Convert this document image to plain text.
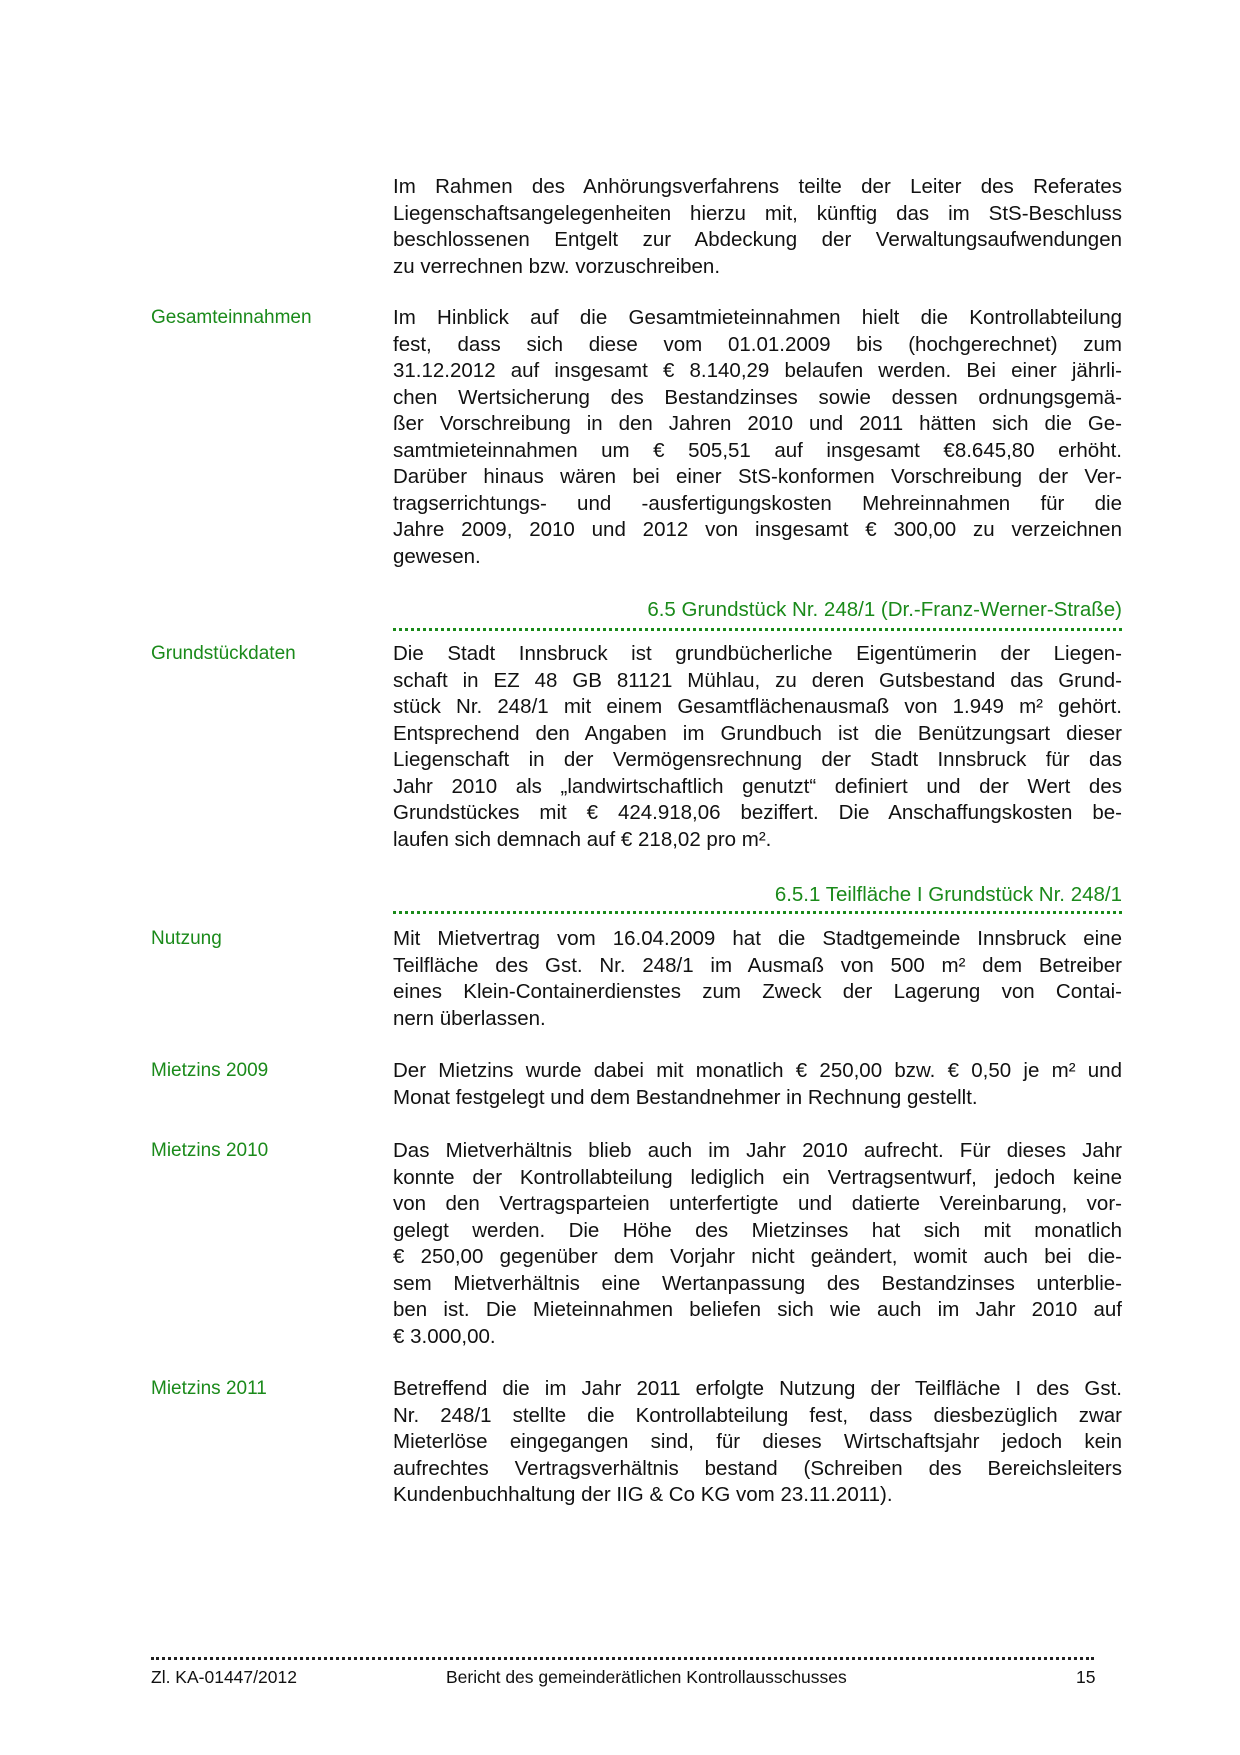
6.5 Grundstück Nr. 248/1 (Dr.-Franz-Werner-Straße)
6.5.1 Teilfläche I Grundstück Nr. 248/1
Zl. KA-01447/2012	Bericht des gemeinderätlichen Kontrollausschusses	15
Im Rahmen des Anhörungsverfahrens teilte der Leiter des Referates
Liegenschaftsangelegenheiten hierzu mit, künftig das im StS-Beschluss
beschlossenen Entgelt zur Abdeckung der Verwaltungsaufwendungen
zu verrechnen bzw. vorzuschreiben.
Gesamteinnahmen	Im Hinblick auf die Gesamtmieteinnahmen hielt die Kontrollabteilung
fest, dass sich diese vom 01.01.2009 bis (hochgerechnet) zum
31.12.2012 auf insgesamt € 8.140,29 belaufen werden. Bei einer jährli-
chen Wertsicherung des Bestandzinses sowie dessen ordnungsgemä-
ßer Vorschreibung in den Jahren 2010 und 2011 hätten sich die Ge-
samtmieteinnahmen um € 505,51 auf insgesamt €8.645,80 erhöht.
Darüber hinaus wären bei einer StS-konformen Vorschreibung der Ver-
tragserrichtungs- und -ausfertigungskosten Mehreinnahmen für die
Jahre 2009, 2010 und 2012 von insgesamt € 300,00 zu verzeichnen
gewesen.
Grundstückdaten	Die Stadt Innsbruck ist grundbücherliche Eigentümerin der Liegen-
schaft in EZ 48 GB 81121 Mühlau, zu deren Gutsbestand das Grund-
stück Nr. 248/1 mit einem Gesamtflächenausmaß von 1.949 m² gehört.
Entsprechend den Angaben im Grundbuch ist die Benützungsart dieser
Liegenschaft in der Vermögensrechnung der Stadt Innsbruck für das
Jahr 2010 als „landwirtschaftlich genutzt“ definiert und der Wert des
Grundstückes mit € 424.918,06 beziffert. Die Anschaffungskosten be-
laufen sich demnach auf € 218,02 pro m².
Nutzung	Mit Mietvertrag vom 16.04.2009 hat die Stadtgemeinde Innsbruck eine
Teilfläche des Gst. Nr. 248/1 im Ausmaß von 500 m² dem Betreiber
eines Klein-Containerdienstes zum Zweck der Lagerung von Contai-
nern überlassen.
Mietzins 2009	Der Mietzins wurde dabei mit monatlich € 250,00 bzw. € 0,50 je m² und
Monat festgelegt und dem Bestandnehmer in Rechnung gestellt.
Mietzins 2010	Das Mietverhältnis blieb auch im Jahr 2010 aufrecht. Für dieses Jahr
konnte der Kontrollabteilung lediglich ein Vertragsentwurf, jedoch keine
von den Vertragsparteien unterfertigte und datierte Vereinbarung, vor-
gelegt werden. Die Höhe des Mietzinses hat sich mit monatlich
€ 250,00 gegenüber dem Vorjahr nicht geändert, womit auch bei die-
sem Mietverhältnis eine Wertanpassung des Bestandzinses unterblie-
ben ist. Die Mieteinnahmen beliefen sich wie auch im Jahr 2010 auf
€ 3.000,00.
Mietzins 2011	Betreffend die im Jahr 2011 erfolgte Nutzung der Teilfläche I des Gst.
Nr. 248/1 stellte die Kontrollabteilung fest, dass diesbezüglich zwar
Mieterlöse eingegangen sind, für dieses Wirtschaftsjahr jedoch kein
aufrechtes Vertragsverhältnis bestand (Schreiben des Bereichsleiters
Kundenbuchhaltung der IIG & Co KG vom 23.11.2011).
